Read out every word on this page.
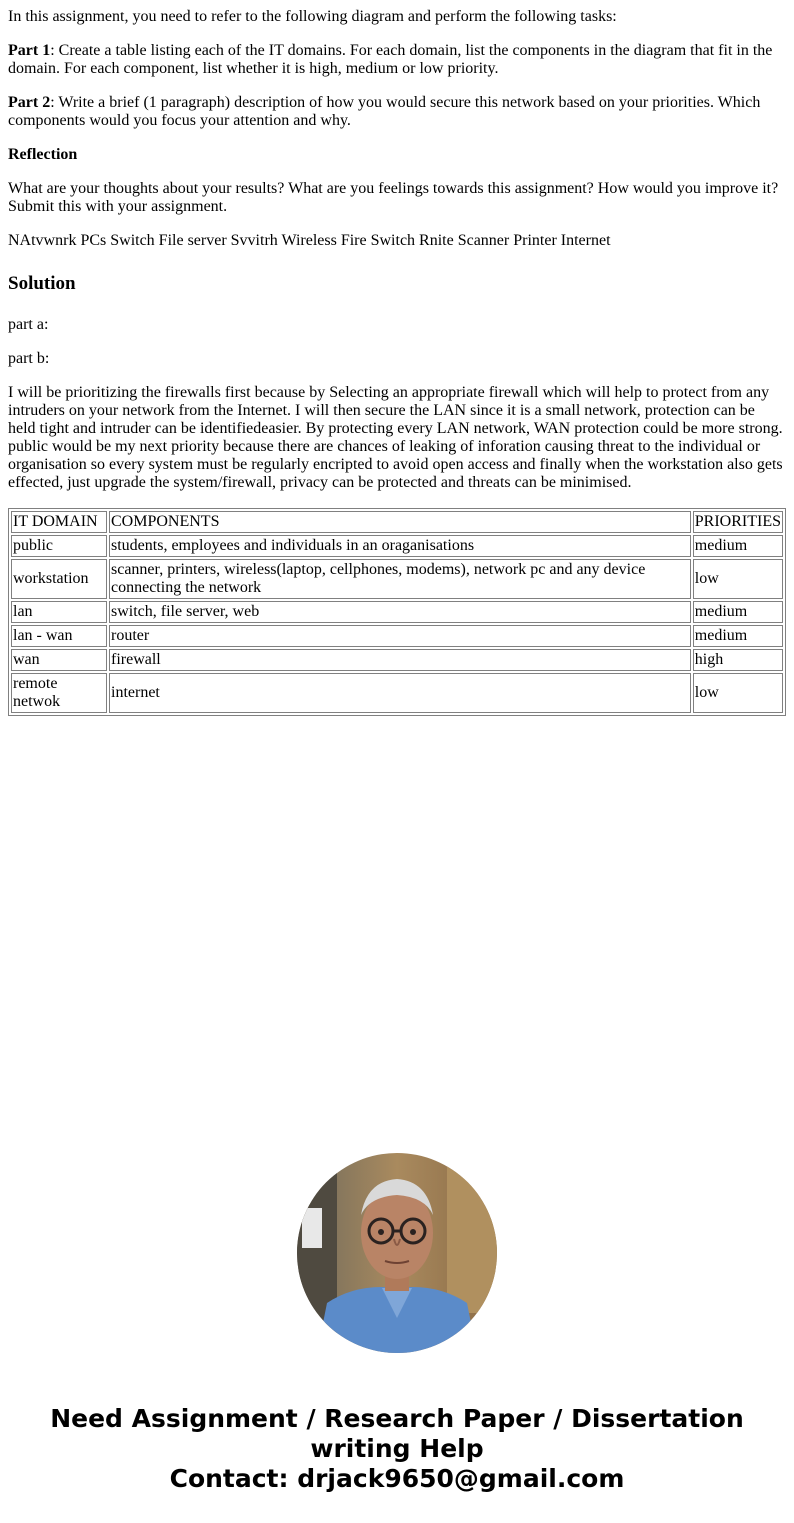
In this assignment, you need to refer to the following diagram and perform the following tasks:

Part 1: Create a table listing each of the IT domains. For each domain, list the components in the diagram that fit in the domain. For each component, list whether it is high, medium or low priority.

Part 2: Write a brief (1 paragraph) description of how you would secure this network based on your priorities. Which components would you focus your attention and why.

Reflection

What are your thoughts about your results? What are you feelings towards this assignment? How would you improve it? Submit this with your assignment.

NAtvwnrk PCs Switch File server Svvitrh Wireless Fire Switch Rnite Scanner Printer Internet

Solution

part a:

part b:

I will be prioritizing the firewalls first because by Selecting an appropriate firewall which will help to protect from any intruders on your network from the Internet. I will then secure the LAN since it is a small network, protection can be held tight and intruder can be identifiedeasier. By protecting every LAN network, WAN protection could be more strong. public would be my next priority because there are chances of leaking of inforation causing threat to the individual or organisation so every system must be regularly encripted to avoid open access and finally when the workstation also gets effected, just upgrade the system/firewall, privacy can be protected and threats can be minimised.

IT DOMAIN	COMPONENTS	PRIORITIES
public	students, employees and individuals in an oraganisations	medium
workstation	scanner, printers, wireless(laptop, cellphones, modems), network pc and any device connecting the network	low
lan	switch, file server, web	medium
lan - wan	router	medium
wan	firewall	high
remote netwok	internet	low
Need Assignment / Research Paper / Dissertation
writing Help
Contact: drjack9650@gmail.com
